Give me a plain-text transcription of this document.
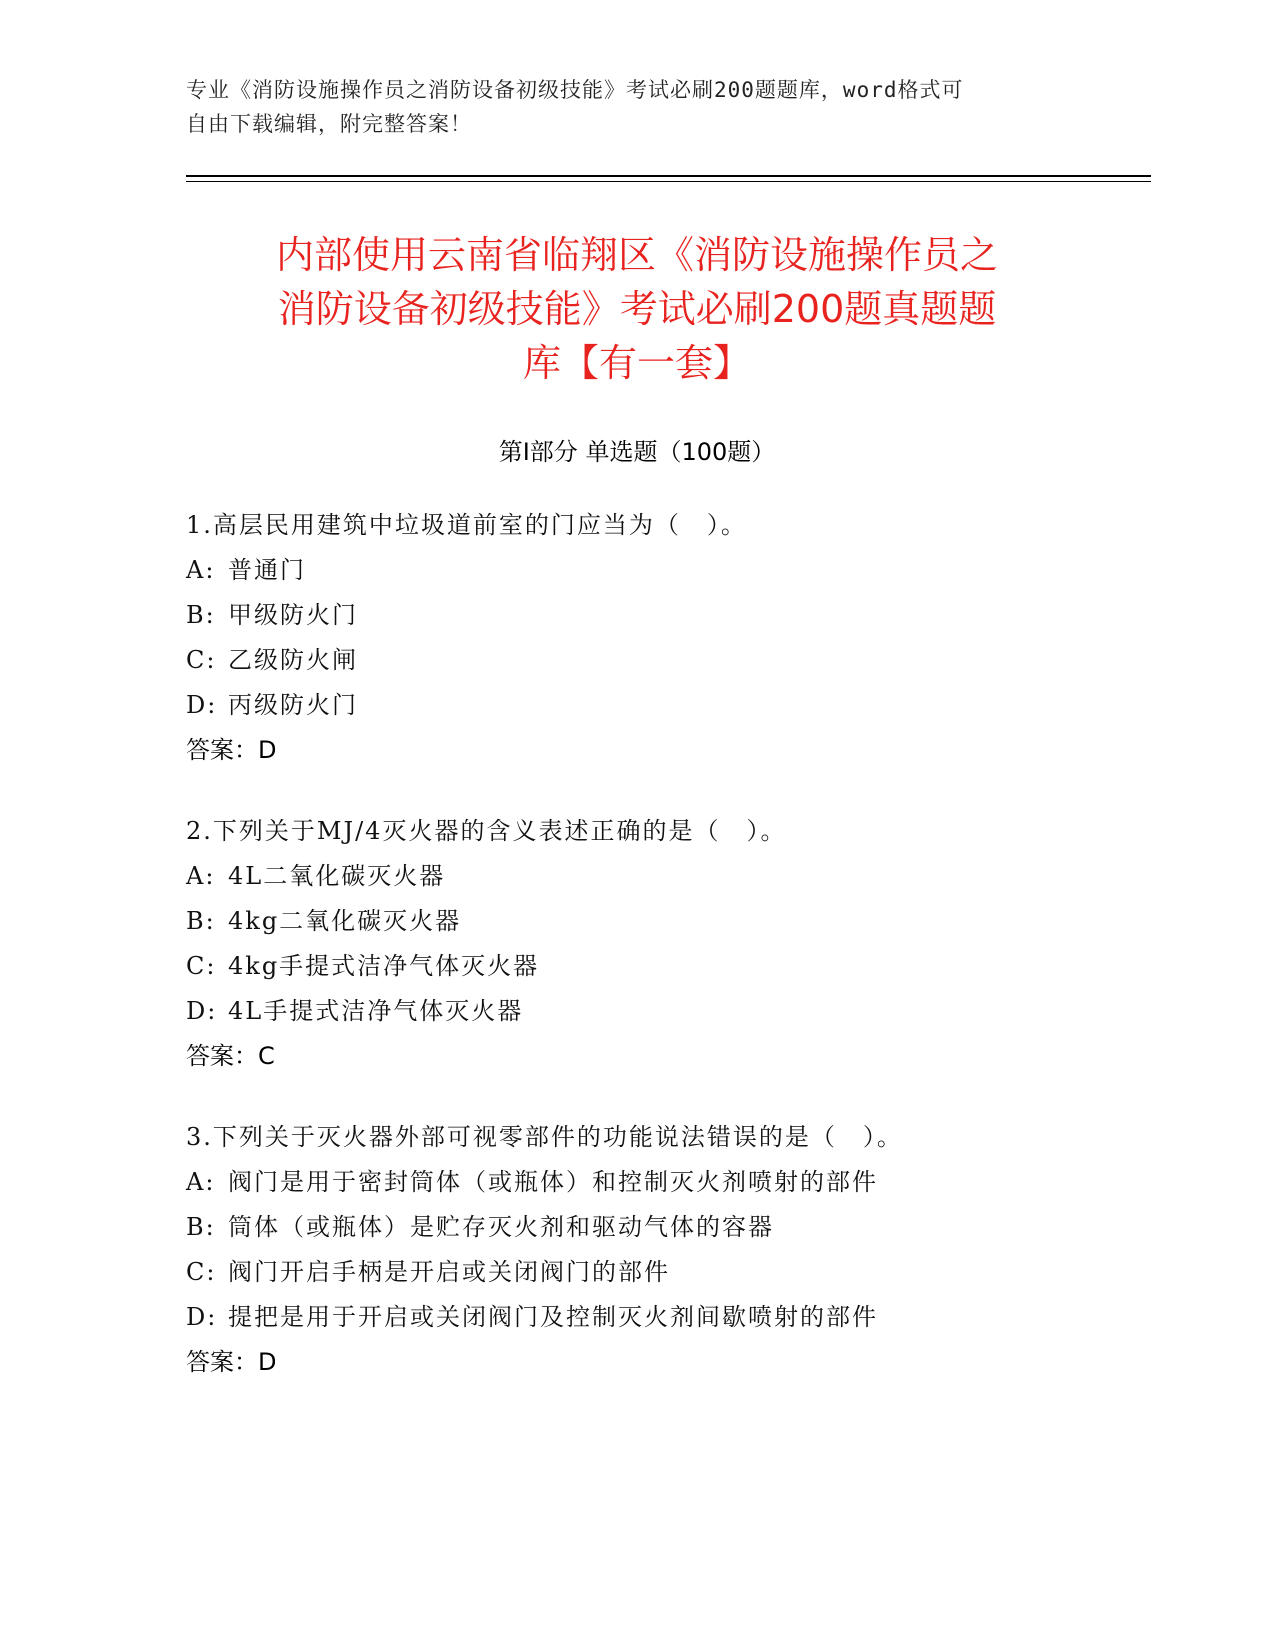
专业《消防设施操作员之消防设备初级技能》考试必刷200题题库，word格式可
自由下载编辑，附完整答案！
内部使用云南省临翔区《消防设施操作员之
消防设备初级技能》考试必刷200题真题题
库【有一套】
第Ⅰ部分 单选题（100题）
1.高层民用建筑中垃圾道前室的门应当为（　）。
A: 普通门
B: 甲级防火门
C: 乙级防火闸
D: 丙级防火门
答案：D
2.下列关于MJ/4灭火器的含义表述正确的是（　）。
A: 4L二氧化碳灭火器
B: 4kg二氧化碳灭火器
C: 4kg手提式洁净气体灭火器
D: 4L手提式洁净气体灭火器
答案：C
3.下列关于灭火器外部可视零部件的功能说法错误的是（　）。
A: 阀门是用于密封筒体（或瓶体）和控制灭火剂喷射的部件
B: 筒体（或瓶体）是贮存灭火剂和驱动气体的容器
C: 阀门开启手柄是开启或关闭阀门的部件
D: 提把是用于开启或关闭阀门及控制灭火剂间歇喷射的部件
答案：D
